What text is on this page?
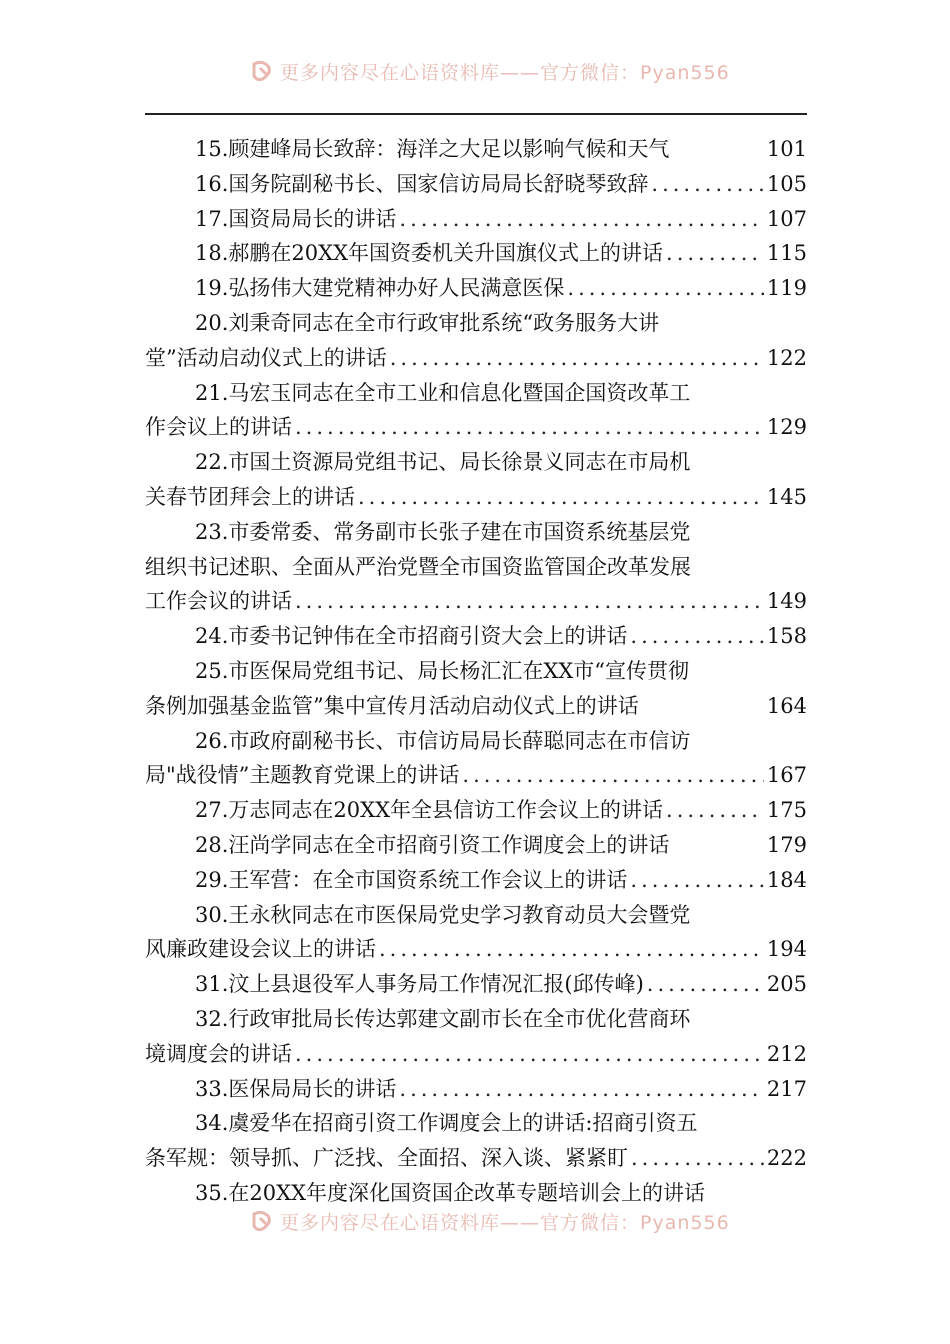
更多内容尽在心语资料库——官方微信：Pyan556
15. 顾建峰局长致辞：海洋之大足以影响气候和天气	101
16. 国务院副秘书长、国家信访局局长舒晓琴致辞 .....	105
17. 国资局局长的讲话 .....	107
18. 郝鹏在20XX年国资委机关升国旗仪式上的讲话 .....	115
19. 弘扬伟大建党精神办好人民满意医保 .....	119
20. 刘秉奇同志在全市行政审批系统“政务服务大讲
堂”活动启动仪式上的讲话 .....	122
21. 马宏玉同志在全市工业和信息化暨国企国资改革工
作会议上的讲话 .....	129
22. 市国土资源局党组书记、局长徐景义同志在市局机
关春节团拜会上的讲话 .....	145
23. 市委常委、常务副市长张子建在市国资系统基层党
组织书记述职、全面从严治党暨全市国资监管国企改革发展
工作会议的讲话 .....	149
24. 市委书记钟伟在全市招商引资大会上的讲话 .....	158
25. 市医保局党组书记、局长杨汇汇在XX市“宣传贯彻
条例加强基金监管”集中宣传月活动启动仪式上的讲话	164
26. 市政府副秘书长、市信访局局长薛聪同志在市信访
局"战役情”主题教育党课上的讲话 .....	167
27. 万志同志在20XX年全县信访工作会议上的讲话 .....	175
28. 汪尚学同志在全市招商引资工作调度会上的讲话	179
29. 王军营：在全市国资系统工作会议上的讲话 .....	184
30. 王永秋同志在市医保局党史学习教育动员大会暨党
风廉政建设会议上的讲话 .....	194
31. 汶上县退役军人事务局工作情况汇报(邱传峰) .....	205
32. 行政审批局长传达郭建文副市长在全市优化营商环
境调度会的讲话 .....	212
33. 医保局局长的讲话 .....	217
34. 虞爱华在招商引资工作调度会上的讲话:招商引资五
条军规：领导抓、广泛找、全面招、深入谈、紧紧盯 .....	222
35. 在20XX年度深化国资国企改革专题培训会上的讲话
更多内容尽在心语资料库——官方微信：Pyan556
